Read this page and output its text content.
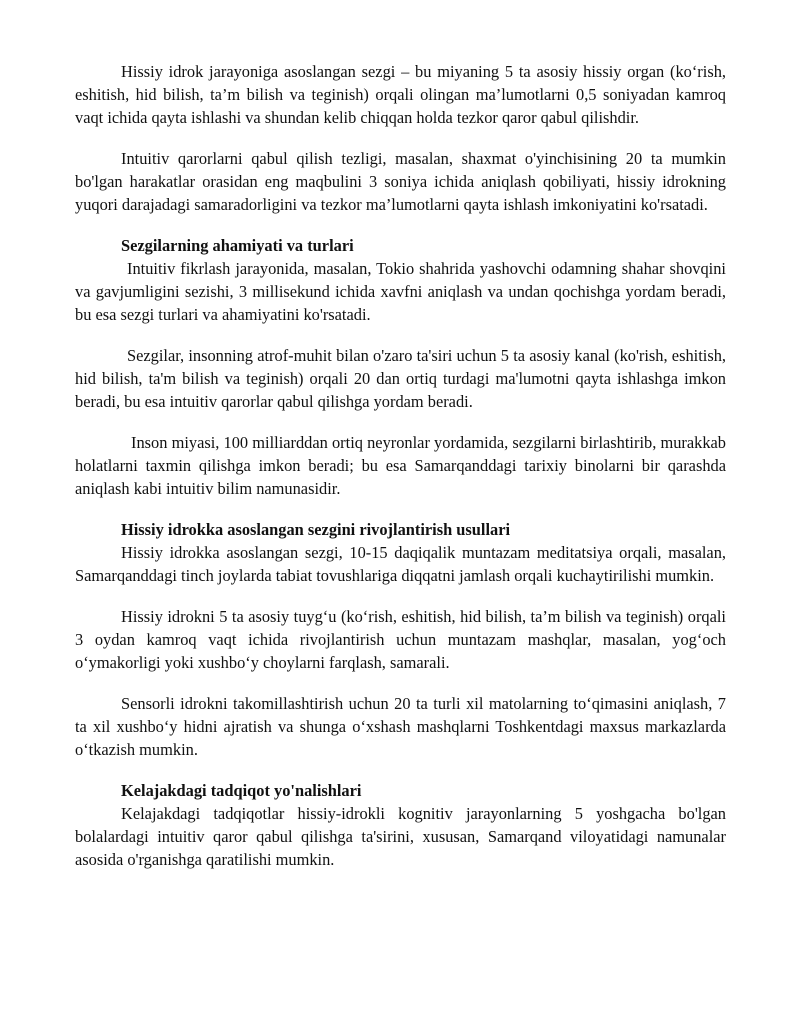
Hissiy idrok jarayoniga asoslangan sezgi – bu miyaning 5 ta asosiy hissiy organ (ko‘rish, eshitish, hid bilish, ta’m bilish va teginish) orqali olingan ma’lumotlarni 0,5 soniyadan kamroq vaqt ichida qayta ishlashi va shundan kelib chiqqan holda tezkor qaror qabul qilishdir.

Intuitiv qarorlarni qabul qilish tezligi, masalan, shaxmat o'yinchisining 20 ta mumkin bo'lgan harakatlar orasidan eng maqbulini 3 soniya ichida aniqlash qobiliyati, hissiy idrokning yuqori darajadagi samaradorligini va tezkor ma’lumotlarni qayta ishlash imkoniyatini ko'rsatadi.

Sezgilarning ahamiyati va turlari

Intuitiv fikrlash jarayonida, masalan, Tokio shahrida yashovchi odamning shahar shovqini va gavjumligini sezishi, 3 millisekund ichida xavfni aniqlash va undan qochishga yordam beradi, bu esa sezgi turlari va ahamiyatini ko'rsatadi.

Sezgilar, insonning atrof-muhit bilan o'zaro ta'siri uchun 5 ta asosiy kanal (ko'rish, eshitish, hid bilish, ta'm bilish va teginish) orqali 20 dan ortiq turdagi ma'lumotni qayta ishlashga imkon beradi, bu esa intuitiv qarorlar qabul qilishga yordam beradi.

Inson miyasi, 100 milliarddan ortiq neyronlar yordamida, sezgilarni birlashtirib, murakkab holatlarni taxmin qilishga imkon beradi; bu esa Samarqanddagi tarixiy binolarni bir qarashda aniqlash kabi intuitiv bilim namunasidir.

Hissiy idrokka asoslangan sezgini rivojlantirish usullari

Hissiy idrokka asoslangan sezgi, 10-15 daqiqalik muntazam meditatsiya orqali, masalan, Samarqanddagi tinch joylarda tabiat tovushlariga diqqatni jamlash orqali kuchaytirilishi mumkin.

Hissiy idrokni 5 ta asosiy tuyg‘u (ko‘rish, eshitish, hid bilish, ta’m bilish va teginish) orqali 3 oydan kamroq vaqt ichida rivojlantirish uchun muntazam mashqlar, masalan, yog‘och o‘ymakorligi yoki xushbo‘y choylarni farqlash, samarali.

Sensorli idrokni takomillashtirish uchun 20 ta turli xil matolarning to‘qimasini aniqlash, 7 ta xil xushbo‘y hidni ajratish va shunga o‘xshash mashqlarni Toshkentdagi maxsus markazlarda o‘tkazish mumkin.

Kelajakdagi tadqiqot yo'nalishlari

Kelajakdagi tadqiqotlar hissiy-idrokli kognitiv jarayonlarning 5 yoshgacha bo'lgan bolalardagi intuitiv qaror qabul qilishga ta'sirini, xususan, Samarqand viloyatidagi namunalar asosida o'rganishga qaratilishi mumkin.
